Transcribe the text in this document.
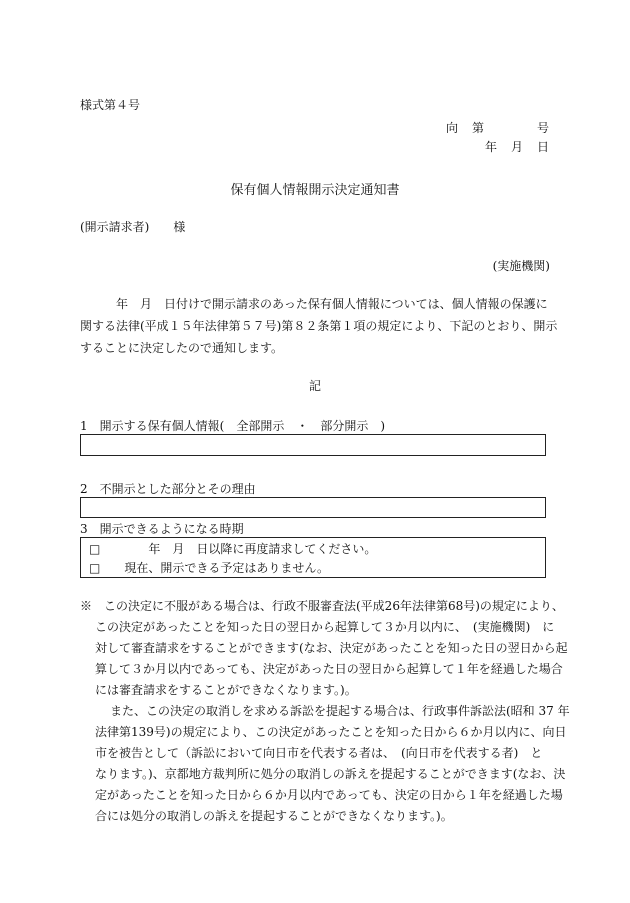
様式第４号
向　第　　　　号
年　月　日
保有個人情報開示決定通知書
(開示請求者)　　様
(実施機関)
　　　年　月　日付けで開示請求のあった保有個人情報については、個人情報の保護に
関する法律(平成１５年法律第５７号)第８２条第１項の規定により、下記のとおり、開示
することに決定したので通知します。
記
1　開示する保有個人情報(　全部開示　・　部分開示　)
2　不開示とした部分とその理由
3　開示できるようになる時期
□　　　　年　月　日以降に再度請求してください。
□　　現在、開示できる予定はありません。
※　この決定に不服がある場合は、行政不服審査法(平成26年法律第68号)の規定により、
この決定があったことを知った日の翌日から起算して３か月以内に、　(実施機関)　に
対して審査請求をすることができます(なお、決定があったことを知った日の翌日から起
算して３か月以内であっても、決定があった日の翌日から起算して１年を経過した場合
には審査請求をすることができなくなります。)。
また、この決定の取消しを求める訴訟を提起する場合は、行政事件訴訟法(昭和 37 年
法律第139号)の規定により、この決定があったことを知った日から６か月以内に、向日
市を被告として（訴訟において向日市を代表する者は、　(向日市を代表する者)　と
なります。)、京都地方裁判所に処分の取消しの訴えを提起することができます(なお、決
定があったことを知った日から６か月以内であっても、決定の日から１年を経過した場
合には処分の取消しの訴えを提起することができなくなります。)。
